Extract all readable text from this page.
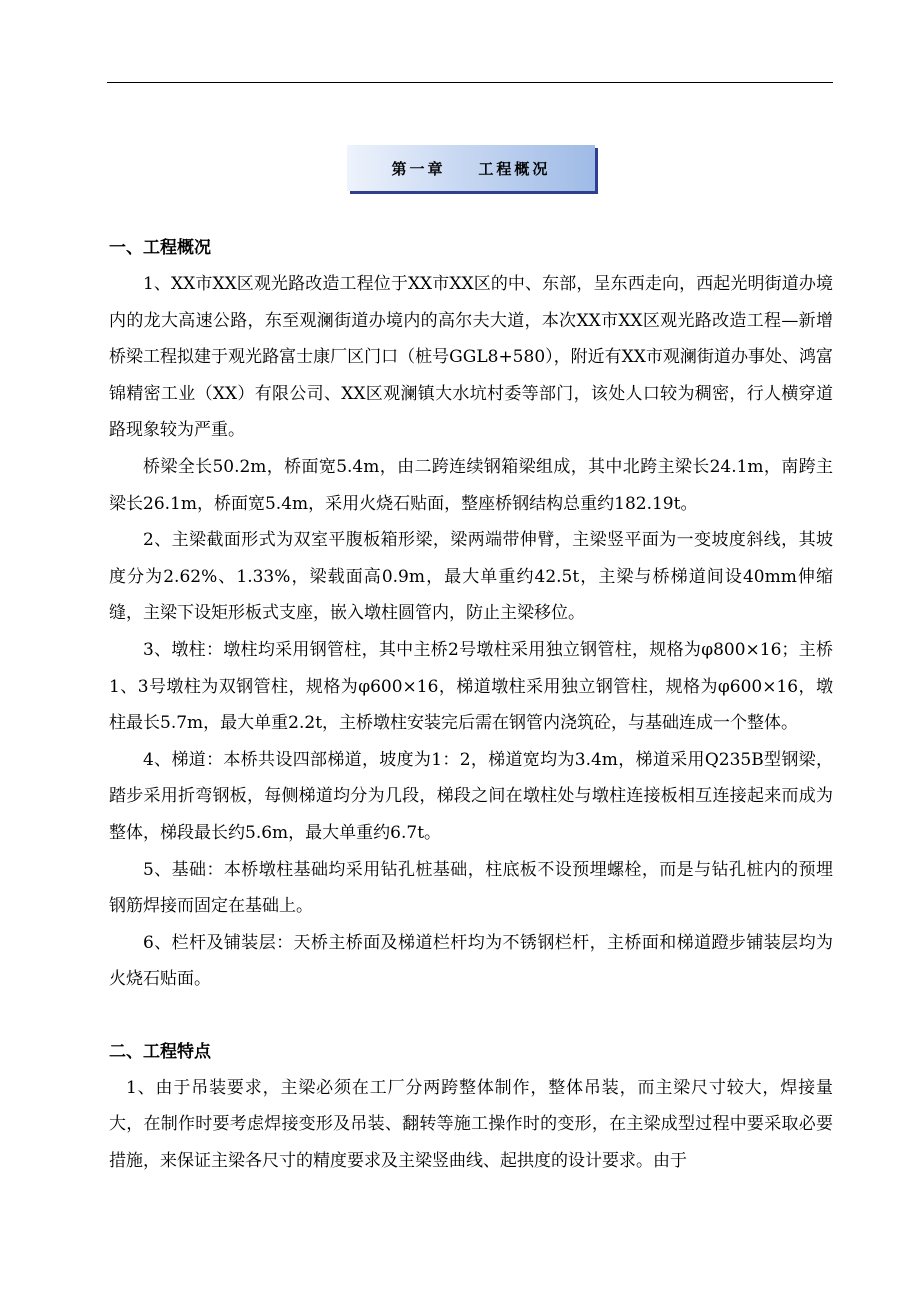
第一章    工程概况

一、工程概况

1、XX市XX区观光路改造工程位于XX市XX区的中、东部，呈东西走向，西起光明街道办境内的龙大高速公路，东至观澜街道办境内的高尔夫大道，本次XX市XX区观光路改造工程—新增桥梁工程拟建于观光路富士康厂区门口（桩号GGL8+580），附近有XX市观澜街道办事处、鸿富锦精密工业（XX）有限公司、XX区观澜镇大水坑村委等部门，该处人口较为稠密，行人横穿道路现象较为严重。

桥梁全长50.2m，桥面宽5.4m，由二跨连续钢箱梁组成，其中北跨主梁长24.1m，南跨主梁长26.1m，桥面宽5.4m，采用火烧石贴面，整座桥钢结构总重约182.19t。

2、主梁截面形式为双室平腹板箱形梁，梁两端带伸臂，主梁竖平面为一变坡度斜线，其坡度分为2.62%、1.33%，梁载面高0.9m，最大单重约42.5t，主梁与桥梯道间设40mm伸缩缝，主梁下设矩形板式支座，嵌入墩柱圆管内，防止主梁移位。

3、墩柱：墩柱均采用钢管柱，其中主桥2号墩柱采用独立钢管柱，规格为φ800×16；主桥1、3号墩柱为双钢管柱，规格为φ600×16，梯道墩柱采用独立钢管柱，规格为φ600×16，墩柱最长5.7m，最大单重2.2t，主桥墩柱安装完后需在钢管内浇筑砼，与基础连成一个整体。

4、梯道：本桥共设四部梯道，坡度为1：2，梯道宽均为3.4m，梯道采用Q235B型钢梁，踏步采用折弯钢板，每侧梯道均分为几段，梯段之间在墩柱处与墩柱连接板相互连接起来而成为整体，梯段最长约5.6m，最大单重约6.7t。

5、基础：本桥墩柱基础均采用钻孔桩基础，柱底板不设预埋螺栓，而是与钻孔桩内的预埋钢筋焊接而固定在基础上。

6、栏杆及铺装层：天桥主桥面及梯道栏杆均为不锈钢栏杆，主桥面和梯道蹬步铺装层均为火烧石贴面。

二、工程特点

1、由于吊装要求，主梁必须在工厂分两跨整体制作，整体吊装，而主梁尺寸较大，焊接量大，在制作时要考虑焊接变形及吊装、翻转等施工操作时的变形，在主梁成型过程中要采取必要措施，来保证主梁各尺寸的精度要求及主梁竖曲线、起拱度的设计要求。由于
